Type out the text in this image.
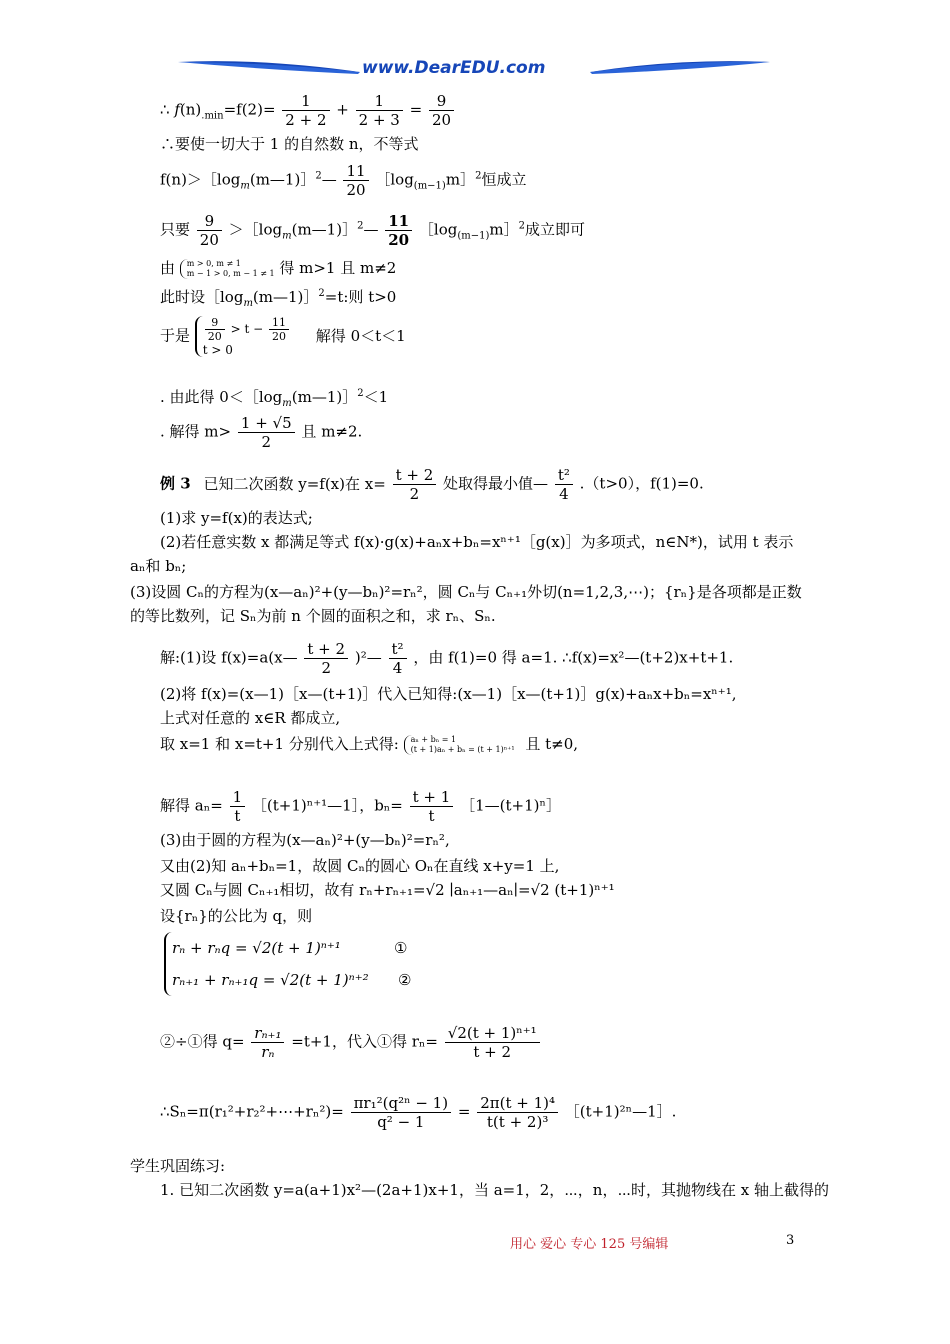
www.DearEDU.com
∴ $f(n)_{.min}=f(2)= \frac{1}{2 + 2} + \frac{1}{2 + 3} = \frac{9}{20}$
∴要使一切大于 1 的自然数 n，不等式
$f(n)>[\log_m(m—1)]^2— \frac{11}{20}$ $[\log_{(m-1)}m]^2$恒成立
只要 $\frac{9}{20}$ $>[\log_m(m—1)]^2— \frac{11}{20}$ $[\log_{(m-1)}m]^2$成立即可
由 m > 0, m ≠ 1
m − 1 > 0, m − 1 ≠ 1 得 m>1 且 m≠2
此时设$[\log_m(m—1)]^2=t$:则 t>0
于是 $\frac{9}{20} > t - \frac{11}{20}$

t > 0 解得 0＜t＜1
. 由此得 $0<[\log_m(m—1)]^2<1$
. 解得 $m> \frac{1 + √5}{2}$ 且 m≠2.
例 3 已知二次函数 y=f(x)在 $x= \frac{t + 2}{2}$ 处取得最小值— $\frac{\text{t²}}{4} .(t>0)$，f(1)=0.
(1)求 y=f(x)的表达式;
(2)若任意实数 x 都满足等式 f(x)·g(x)+aₙx+bₙ=xⁿ⁺¹［g(x)］为多项式，n∈N*)，试用 t 表示
aₙ和 bₙ;
(3)设圆 Cₙ的方程为(x—aₙ)²+(y—bₙ)²=rₙ²，圆 Cₙ与 Cₙ₊₁外切(n=1,2,3,⋯)；{rₙ}是各项都是正数
的等比数列，记 Sₙ为前 n 个圆的面积之和，求 rₙ、Sₙ.
解:(1)设 f(x)=a(x— $\frac{t + 2}{2}$ )²— $\frac{\text{t²}}{4}$ ，由 f(1)=0 得 a=1. ∴f(x)=x²—(t+2)x+t+1.
(2)将 f(x)=(x—1)［x—(t+1)］代入已知得:(x—1)［x—(t+1)］g(x)+aₙx+bₙ=xⁿ⁺¹,
上式对任意的 x∈R 都成立,
取 x=1 和 x=t+1 分别代入上式得: aₙ + bₙ = 1
(t + 1)aₙ + bₙ = (t + 1)ⁿ⁺¹ 且 t≠0,
解得 $a_n= \frac{1}{t}$ ［(t+1)ⁿ⁺¹—1］，$b_n= \frac{t + 1}{t}$ ［1—(t+1)ⁿ］
(3)由于圆的方程为(x—aₙ)²+(y—bₙ)²=rₙ²,
又由(2)知 aₙ+bₙ=1，故圆 Cₙ的圆心 Oₙ在直线 x+y=1 上,
又圆 Cₙ与圆 Cₙ₊₁相切，故有 rₙ+rₙ₊₁=√2 ∣aₙ₊₁—aₙ∣=√2 (t+1)ⁿ⁺¹
设{rₙ}的公比为 q，则
rₙ + rₙq = √2(t + 1)ⁿ⁺¹
rₙ₊₁ + rₙ₊₁q = √2(t + 1)ⁿ⁺²
①
②
②÷①得 $q= \frac{\text{rₙ₊₁}}{\text{rₙ}} =t+1$，代入①得 $r_n= \frac{\text{√2(t + 1)ⁿ⁺¹}}{t + 2}$
∴Sₙ=π(r₁²+r₂²+⋯+rₙ²)= $\frac{\text{πr₁²(q²ⁿ − 1)}}{\text{q² − 1}} = \frac{\text{2π(t + 1)⁴}}{\text{t(t + 2)³}}$ ［(t+1)²ⁿ—1］.
学生巩固练习:
1. 已知二次函数 y=a(a+1)x²—(2a+1)x+1，当 a=1，2，⋯，n，⋯时，其抛物线在 x 轴上截得的
用心 爱心 专心 125 号编辑	3
